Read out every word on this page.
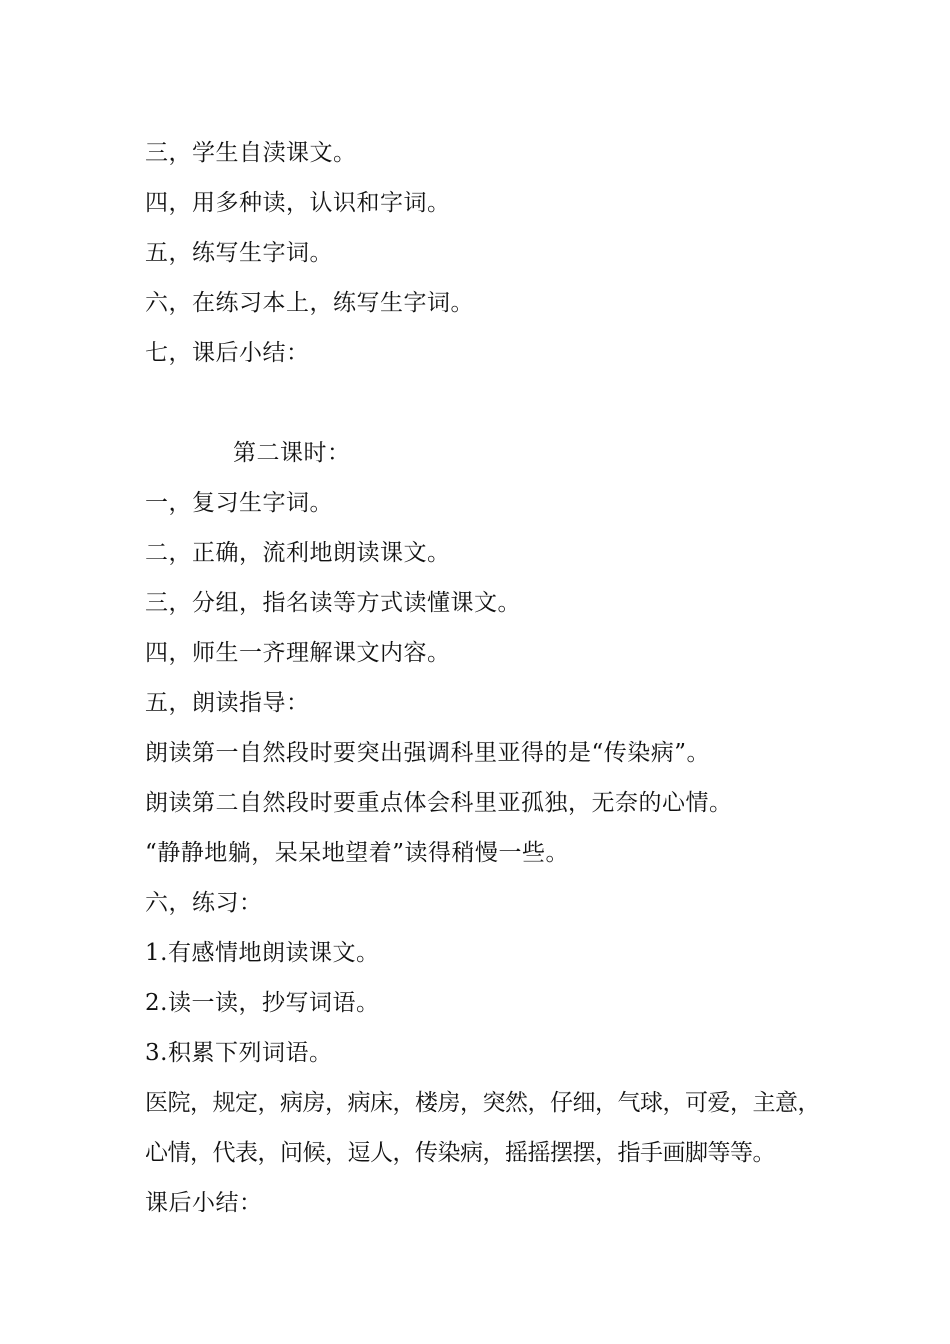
三，学生自渎课文。
四，用多种读，认识和字词。
五，练写生字词。
六，在练习本上，练写生字词。
七，课后小结：
第二课时：
一，复习生字词。
二，正确，流利地朗读课文。
三，分组，指名读等方式读懂课文。
四，师生一齐理解课文内容。
五，朗读指导：
朗读第一自然段时要突出强调科里亚得的是“传染病”。
朗读第二自然段时要重点体会科里亚孤独，无奈的心情。
“静静地躺，呆呆地望着”读得稍慢一些。
六，练习：
1.有感情地朗读课文。
2.读一读，抄写词语。
3.积累下列词语。
医院，规定，病房，病床，楼房，突然，仔细，气球，可爱，主意，
心情，代表，问候，逗人，传染病，摇摇摆摆，指手画脚等等。
课后小结：
